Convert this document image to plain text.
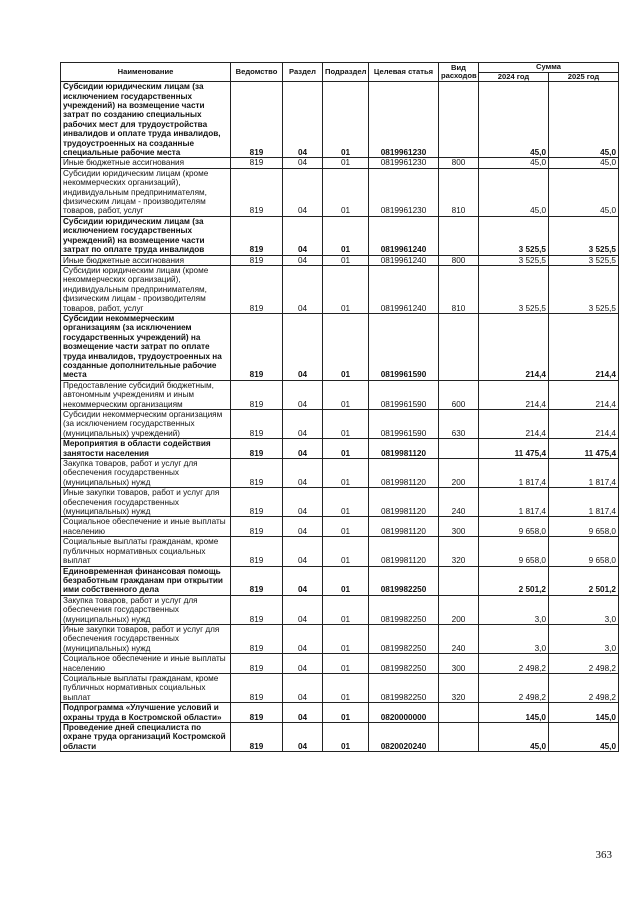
Наименование	Ведомство	Раздел	Подраздел	Целевая статья	Вид расходов	Сумма	
						2024 год	2025 год
Субсидии юридическим лицам (за исключением государственных учреждений) на возмещение части затрат по созданию специальных рабочих мест для трудоустройства инвалидов и оплате труда инвалидов, трудоустроенных на созданные специальные рабочие места	819	04	01	0819961230		45,0	45,0
Иные бюджетные ассигнования	819	04	01	0819961230	800	45,0	45,0
Субсидии юридическим лицам (кроме некоммерческих организаций), индивидуальным предпринимателям, физическим лицам - производителям товаров, работ, услуг	819	04	01	0819961230	810	45,0	45,0
Субсидии юридическим лицам (за исключением государственных учреждений) на возмещение части затрат по оплате труда инвалидов	819	04	01	0819961240		3 525,5	3 525,5
Иные бюджетные ассигнования	819	04	01	0819961240	800	3 525,5	3 525,5
Субсидии юридическим лицам (кроме некоммерческих организаций), индивидуальным предпринимателям, физическим лицам - производителям товаров, работ, услуг	819	04	01	0819961240	810	3 525,5	3 525,5
Субсидии некоммерческим организациям (за исключением государственных учреждений) на возмещение части затрат по оплате труда инвалидов, трудоустроенных на созданные дополнительные рабочие места	819	04	01	0819961590		214,4	214,4
Предоставление субсидий бюджетным, автономным учреждениям и иным некоммерческим организациям	819	04	01	0819961590	600	214,4	214,4
Субсидии некоммерческим организациям (за исключением государственных (муниципальных) учреждений)	819	04	01	0819961590	630	214,4	214,4
Мероприятия в области содействия занятости населения	819	04	01	0819981120		11 475,4	11 475,4
Закупка товаров, работ и услуг для обеспечения государственных (муниципальных) нужд	819	04	01	0819981120	200	1 817,4	1 817,4
Иные закупки товаров, работ и услуг для обеспечения государственных (муниципальных) нужд	819	04	01	0819981120	240	1 817,4	1 817,4
Социальное обеспечение и иные выплаты населению	819	04	01	0819981120	300	9 658,0	9 658,0
Социальные выплаты гражданам, кроме публичных нормативных социальных выплат	819	04	01	0819981120	320	9 658,0	9 658,0
Единовременная финансовая помощь безработным гражданам при открытии ими собственного дела	819	04	01	0819982250		2 501,2	2 501,2
Закупка товаров, работ и услуг для обеспечения государственных (муниципальных) нужд	819	04	01	0819982250	200	3,0	3,0
Иные закупки товаров, работ и услуг для обеспечения государственных (муниципальных) нужд	819	04	01	0819982250	240	3,0	3,0
Социальное обеспечение и иные выплаты населению	819	04	01	0819982250	300	2 498,2	2 498,2
Социальные выплаты гражданам, кроме публичных нормативных социальных выплат	819	04	01	0819982250	320	2 498,2	2 498,2
Подпрограмма «Улучшение условий и охраны труда в Костромской области»	819	04	01	0820000000		145,0	145,0
Проведение дней специалиста по охране труда организаций Костромской области	819	04	01	0820020240		45,0	45,0
363
